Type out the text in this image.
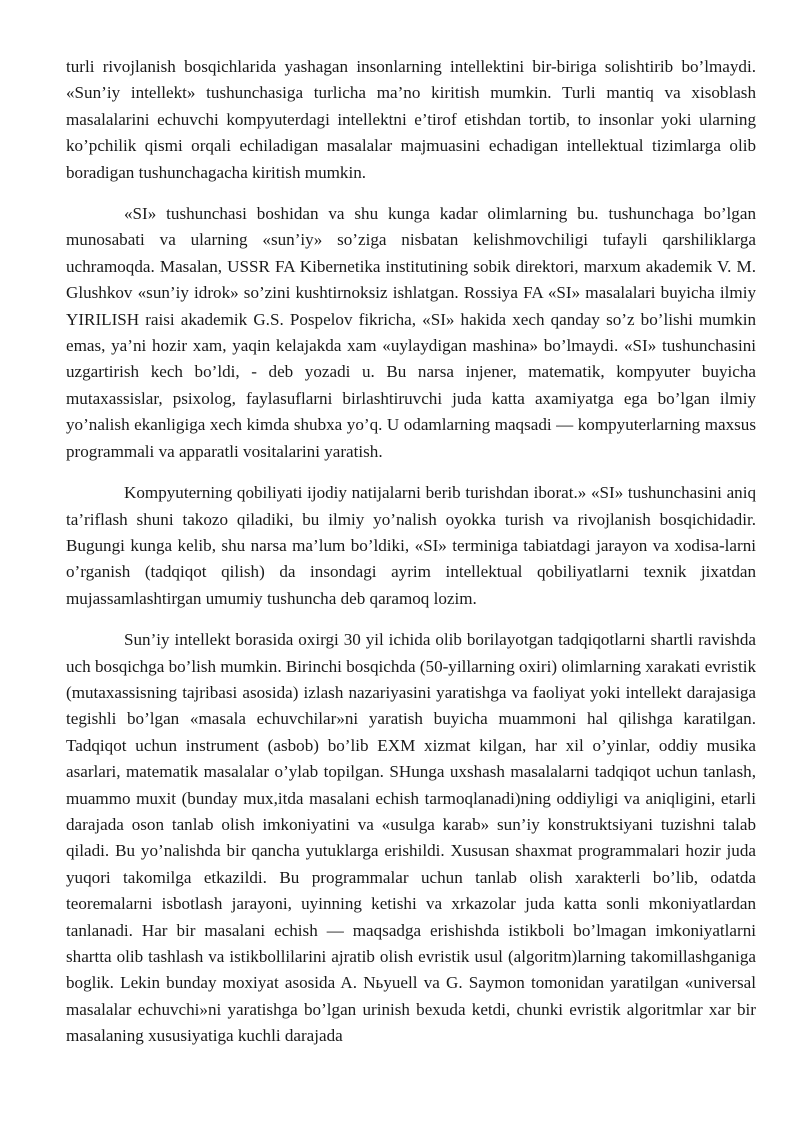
turli rivojlanish bosqichlarida yashagan insonlarning intellektini bir-biriga solishtirib bo’lmaydi. «Sun’iy intellekt» tushunchasiga turlicha ma’no kiritish mumkin. Turli mantiq va xisoblash masalalarini echuvchi kompyuterdagi intellektni e’tirof etishdan tortib, to insonlar yoki ularning ko’pchilik qismi orqali echiladigan masalalar majmuasini echadigan intellektual tizimlarga olib boradigan tushunchagacha kiritish mumkin.

«SI» tushunchasi boshidan va shu kunga kadar olimlarning bu. tushunchaga bo’lgan munosabati va ularning «sun’iy» so’ziga nisbatan kelishmovchiligi tufayli qarshiliklarga uchramoqda. Masalan, USSR FA Kibernetika institutining sobik direktori, marxum akademik V. M. Glushkov «sun’iy idrok» so’zini kushtirnoksiz ishlatgan. Rossiya FA «SI» masalalari buyicha ilmiy YIRILISH raisi akademik G.S. Pospelov fikricha, «SI» hakida xech qanday so’z bo’lishi mumkin emas, ya’ni hozir xam, yaqin kelajakda xam «uylaydigan mashina» bo’lmaydi. «SI» tushunchasini uzgartirish kech bo’ldi, - deb yozadi u. Bu narsa injener, matematik, kompyuter buyicha mutaxassislar, psixolog, faylasuflarni birlashtiruvchi juda katta axamiyatga ega bo’lgan ilmiy yo’nalish ekanligiga xech kimda shubxa yo’q. U odamlarning maqsadi — kompyuterlarning maxsus programmali va apparatli vositalarini yaratish.

Kompyuterning qobiliyati ijodiy natijalarni berib turishdan iborat.» «SI» tushunchasini aniq ta’riflash shuni takozo qiladiki, bu ilmiy yo’nalish oyokka turish va rivojlanish bosqichidadir. Bugungi kunga kelib, shu narsa ma’lum bo’ldiki, «SI» terminiga tabiatdagi jarayon va xodisa-larni o’rganish (tadqiqot qilish) da insondagi ayrim intellektual qobiliyatlarni texnik jixatdan mujassamlashtirgan umumiy tushuncha deb qaramoq lozim.

Sun’iy intellekt borasida oxirgi 30 yil ichida olib borilayotgan tadqiqotlarni shartli ravishda uch bosqichga bo’lish mumkin. Birinchi bosqichda (50-yillarning oxiri) olimlarning xarakati evristik (mutaxassisning tajribasi asosida) izlash nazariyasini yaratishga va faoliyat yoki intellekt darajasiga tegishli bo’lgan «masala echuvchilar»ni yaratish buyicha muammoni hal qilishga karatilgan. Tadqiqot uchun instrument (asbob) bo’lib EXM xizmat kilgan, har xil o’yinlar, oddiy musika asarlari, matematik masalalar o’ylab topilgan. SHunga uxshash masalalarni tadqiqot uchun tanlash, muammo muxit (bunday mux,itda masalani echish tarmoqlanadi)ning oddiyligi va aniqligini, etarli darajada oson tanlab olish imkoniyatini va «usulga karab» sun’iy konstruktsiyani tuzishni talab qiladi. Bu yo’nalishda bir qancha yutuklarga erishildi. Xususan shaxmat programmalari hozir juda yuqori takomilga etkazildi. Bu programmalar uchun tanlab olish xarakterli bo’lib, odatda teoremalarni isbotlash jarayoni, uyinning ketishi va xrkazolar juda katta sonli mkoniyatlardan tanlanadi. Har bir masalani echish — maqsadga erishishda istikboli bo’lmagan imkoniyatlarni shartta olib tashlash va istikbollilarini ajratib olish evristik usul (algoritm)larning takomillashganiga boglik. Lekin bunday moxiyat asosida A. Nьyuell va G. Saymon tomonidan yaratilgan «universal masalalar echuvchi»ni yaratishga bo’lgan urinish bexuda ketdi, chunki evristik algoritmlar xar bir masalaning xususiyatiga kuchli darajada
